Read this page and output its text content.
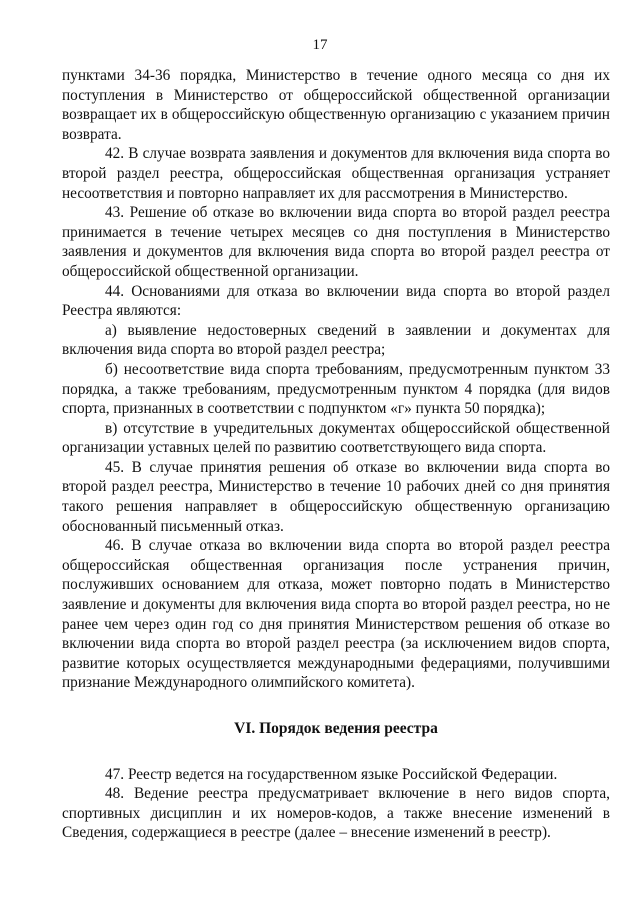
17

пунктами 34-36 порядка, Министерство в течение одного месяца со дня их поступления в Министерство от общероссийской общественной организации возвращает их в общероссийскую общественную организацию с указанием причин возврата.

42. В случае возврата заявления и документов для включения вида спорта во второй раздел реестра, общероссийская общественная организация устраняет несоответствия и повторно направляет их для рассмотрения в Министерство.

43. Решение об отказе во включении вида спорта во второй раздел реестра принимается в течение четырех месяцев со дня поступления в Министерство заявления и документов для включения вида спорта во второй раздел реестра от общероссийской общественной организации.

44. Основаниями для отказа во включении вида спорта во второй раздел Реестра являются:

а) выявление недостоверных сведений в заявлении и документах для включения вида спорта во второй раздел реестра;

б) несоответствие вида спорта требованиям, предусмотренным пунктом 33 порядка, а также требованиям, предусмотренным пунктом 4 порядка (для видов спорта, признанных в соответствии с подпунктом «г» пункта 50 порядка);

в) отсутствие в учредительных документах общероссийской общественной организации уставных целей по развитию соответствующего вида спорта.

45. В случае принятия решения об отказе во включении вида спорта во второй раздел реестра, Министерство в течение 10 рабочих дней со дня принятия такого решения направляет в общероссийскую общественную организацию обоснованный письменный отказ.

46. В случае отказа во включении вида спорта во второй раздел реестра общероссийская общественная организация после устранения причин, послуживших основанием для отказа, может повторно подать в Министерство заявление и документы для включения вида спорта во второй раздел реестра, но не ранее чем через один год со дня принятия Министерством решения об отказе во включении вида спорта во второй раздел реестра (за исключением видов спорта, развитие которых осуществляется международными федерациями, получившими признание Международного олимпийского комитета).

VI. Порядок ведения реестра

47. Реестр ведется на государственном языке Российской Федерации.

48. Ведение реестра предусматривает включение в него видов спорта, спортивных дисциплин и их номеров-кодов, а также внесение изменений в Сведения, содержащиеся в реестре (далее – внесение изменений в реестр).
